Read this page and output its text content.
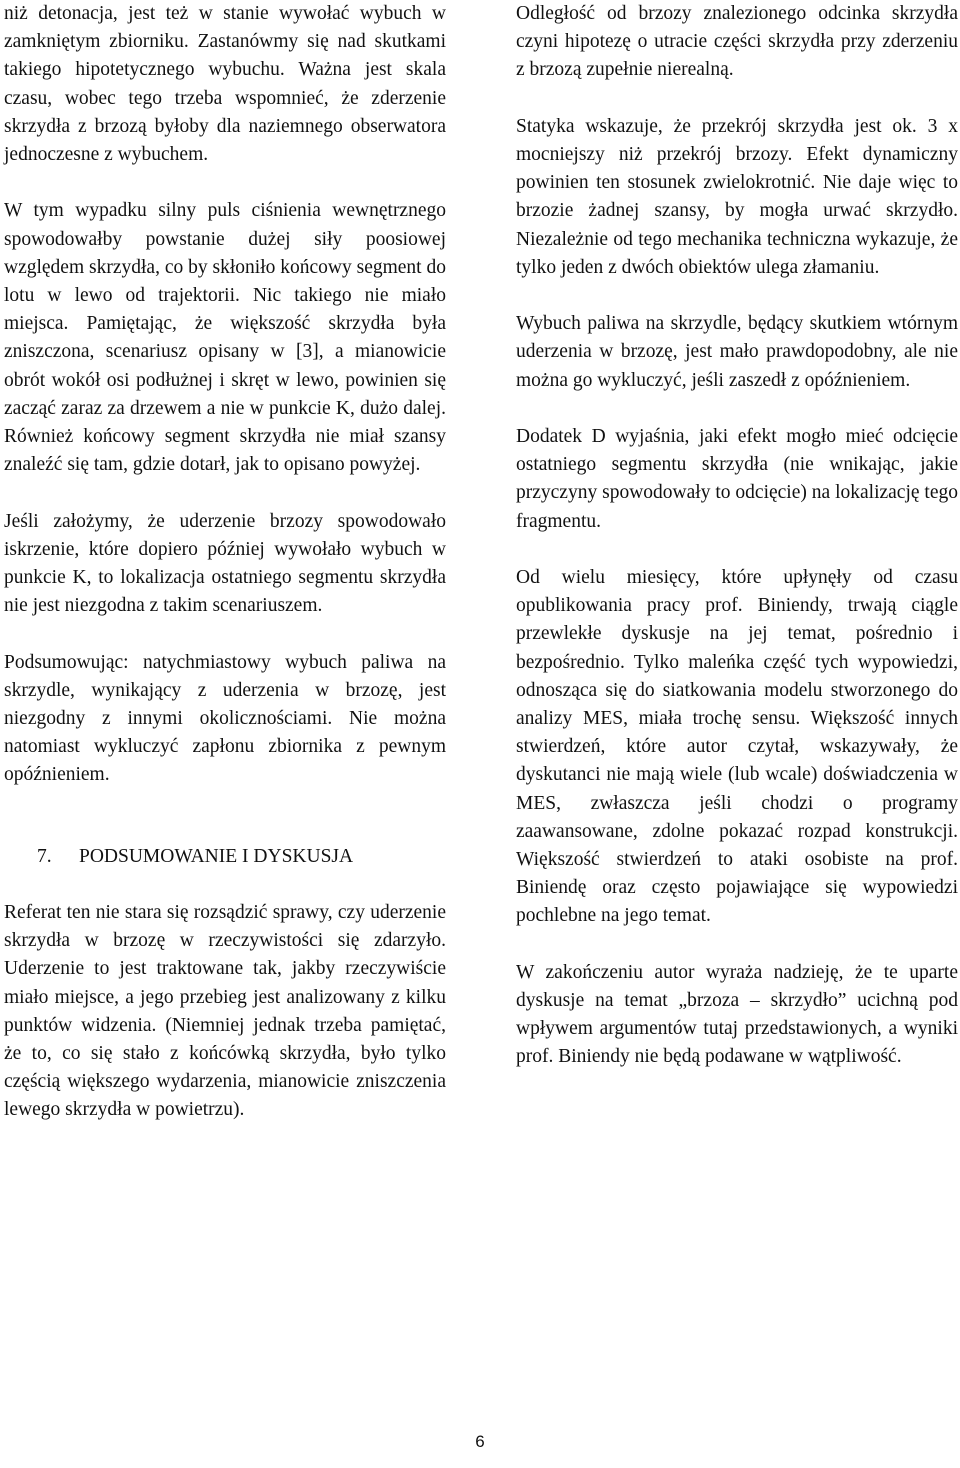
niż detonacja, jest też w stanie wywołać wybuch w zamkniętym zbiorniku. Zastanówmy się nad skutkami takiego hipotetycznego wybuchu. Ważna jest skala czasu, wobec tego trzeba wspomnieć, że zderzenie skrzydła z brzozą byłoby dla naziemnego obserwatora jednoczesne z wybuchem.

W tym wypadku silny puls ciśnienia wewnętrznego spowodowałby powstanie dużej siły poosiowej względem skrzydła, co by skłoniło końcowy segment do lotu w lewo od trajektorii. Nic takiego nie miało miejsca. Pamiętając, że większość skrzydła była zniszczona, scenariusz opisany w [3], a mianowicie obrót wokół osi podłużnej i skręt w lewo, powinien się zacząć zaraz za drzewem a nie w punkcie K, dużo dalej. Również końcowy segment skrzydła nie miał szansy znaleźć się tam, gdzie dotarł, jak to opisano powyżej.

Jeśli założymy, że uderzenie brzozy spowodowało iskrzenie, które dopiero później wywołało wybuch w punkcie K, to lokalizacja ostatniego segmentu skrzydła nie jest niezgodna z takim scenariuszem.

Podsumowując: natychmiastowy wybuch paliwa na skrzydle, wynikający z uderzenia w brzozę, jest niezgodny z innymi okolicznościami. Nie można natomiast wykluczyć zapłonu zbiornika z pewnym opóźnieniem.

7. PODSUMOWANIE I DYSKUSJA

Referat ten nie stara się rozsądzić sprawy, czy uderzenie skrzydła w brzozę w rzeczywistości się zdarzyło. Uderzenie to jest traktowane tak, jakby rzeczywiście miało miejsce, a jego przebieg jest analizowany z kilku punktów widzenia. (Niemniej jednak trzeba pamiętać, że to, co się stało z końcówką skrzydła, było tylko częścią większego wydarzenia, mianowicie zniszczenia lewego skrzydła w powietrzu).

Odległość od brzozy znalezionego odcinka skrzydła czyni hipotezę o utracie części skrzydła przy zderzeniu z brzozą zupełnie nierealną.

Statyka wskazuje, że przekrój skrzydła jest ok. 3 x mocniejszy niż przekrój brzozy. Efekt dynamiczny powinien ten stosunek zwielokrotnić. Nie daje więc to brzozie żadnej szansy, by mogła urwać skrzydło. Niezależnie od tego mechanika techniczna wykazuje, że tylko jeden z dwóch obiektów ulega złamaniu.

Wybuch paliwa na skrzydle, będący skutkiem wtórnym uderzenia w brzozę, jest mało prawdopodobny, ale nie można go wykluczyć, jeśli zaszedł z opóźnieniem.

Dodatek D wyjaśnia, jaki efekt mogło mieć odcięcie ostatniego segmentu skrzydła (nie wnikając, jakie przyczyny spowodowały to odcięcie) na lokalizację tego fragmentu.

Od wielu miesięcy, które upłynęły od czasu opublikowania pracy prof. Biniendy, trwają ciągle przewlekłe dyskusje na jej temat, pośrednio i bezpośrednio. Tylko maleńka część tych wypowiedzi, odnosząca się do siatkowania modelu stworzonego do analizy MES, miała trochę sensu. Większość innych stwierdzeń, które autor czytał, wskazywały, że dyskutanci nie mają wiele (lub wcale) doświadczenia w MES, zwłaszcza jeśli chodzi o programy zaawansowane, zdolne pokazać rozpad konstrukcji. Większość stwierdzeń to ataki osobiste na prof. Biniendę oraz często pojawiające się wypowiedzi pochlebne na jego temat.

W zakończeniu autor wyraża nadzieję, że te uparte dyskusje na temat „brzoza – skrzydło” ucichną pod wpływem argumentów tutaj przedstawionych, a wyniki prof. Biniendy nie będą podawane w wątpliwość.

6
